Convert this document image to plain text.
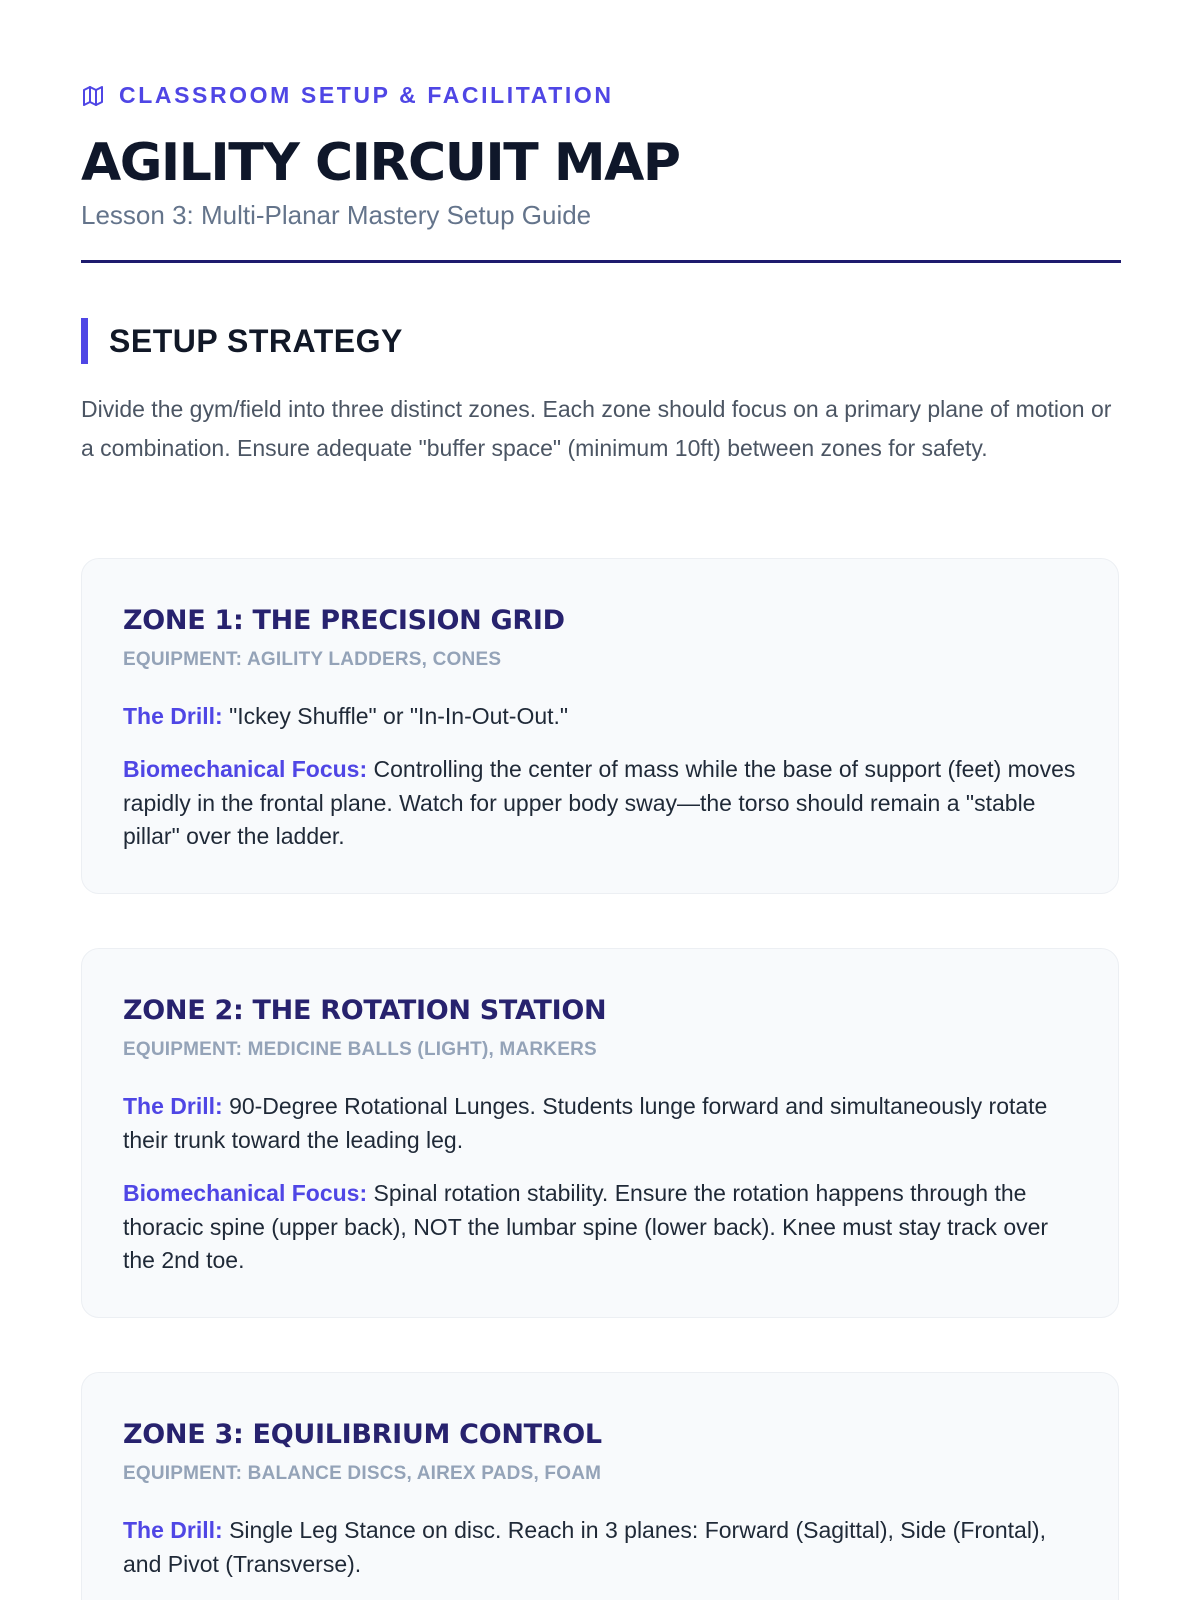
CLASSROOM SETUP & FACILITATION
AGILITY CIRCUIT MAP
Lesson 3: Multi-Planar Mastery Setup Guide
SETUP STRATEGY

Divide the gym/field into three distinct zones. Each zone should focus on a primary plane of motion or a combination. Ensure adequate "buffer space" (minimum 10ft) between zones for safety.

ZONE 1: THE PRECISION GRID
EQUIPMENT: AGILITY LADDERS, CONES

The Drill: "Ickey Shuffle" or "In-In-Out-Out."

Biomechanical Focus: Controlling the center of mass while the base of support (feet) moves rapidly in the frontal plane. Watch for upper body sway—the torso should remain a "stable pillar" over the ladder.

ZONE 2: THE ROTATION STATION
EQUIPMENT: MEDICINE BALLS (LIGHT), MARKERS

The Drill: 90-Degree Rotational Lunges. Students lunge forward and simultaneously rotate their trunk toward the leading leg.

Biomechanical Focus: Spinal rotation stability. Ensure the rotation happens through the thoracic spine (upper back), NOT the lumbar spine (lower back). Knee must stay track over the 2nd toe.

ZONE 3: EQUILIBRIUM CONTROL
EQUIPMENT: BALANCE DISCS, AIREX PADS, FOAM

The Drill: Single Leg Stance on disc. Reach in 3 planes: Forward (Sagittal), Side (Frontal), and Pivot (Transverse).
